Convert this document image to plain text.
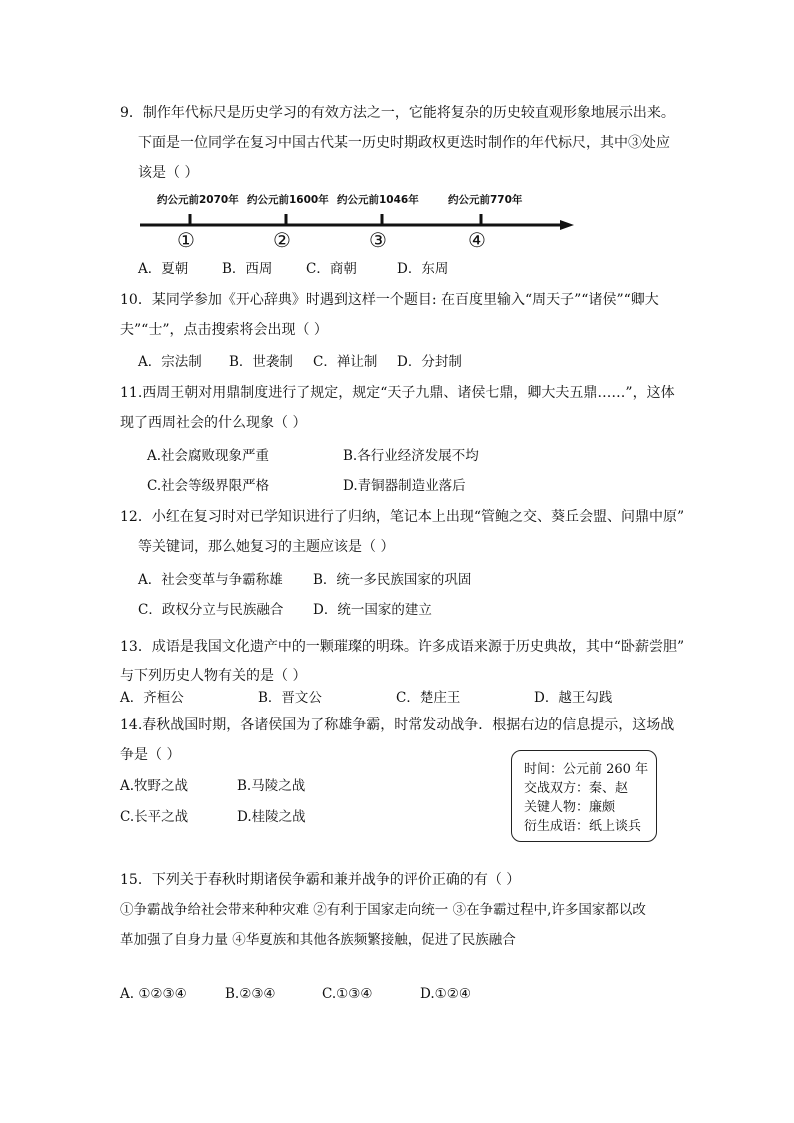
9．制作年代标尺是历史学习的有效方法之一，它能将复杂的历史较直观形象地展示出来。
下面是一位同学在复习中国古代某一历史时期政权更迭时制作的年代标尺，其中③处应
该是（ ）
约公元前2070年 约公元前1600年 约公元前1046年	约公元前770年
①	②	③	④
A．夏朝	B．西周 C．商朝	D．东周
10．某同学参加《开心辞典》时遇到这样一个题目: 在百度里输入“周天子”“诸侯”“卿大
夫”“士”，点击搜索将会出现（ ）
A．宗法制 B．世袭制 C．禅让制 D．分封制
11.西周王朝对用鼎制度进行了规定，规定“天子九鼎、诸侯七鼎，卿大夫五鼎……”，这体
现了西周社会的什么现象（ ）
A.社会腐败现象严重	B.各行业经济发展不均
C.社会等级界限严格	D.青铜器制造业落后
12．小红在复习时对已学知识进行了归纳，笔记本上出现“管鲍之交、葵丘会盟、问鼎中原”
等关键词，那么她复习的主题应该是（ ）
A．社会变革与争霸称雄 B．统一多民族国家的巩固
C．政权分立与民族融合 D．统一国家的建立
13．成语是我国文化遗产中的一颗璀璨的明珠。许多成语来源于历史典故，其中“卧薪尝胆”
与下列历史人物有关的是（ ）
A．齐桓公	B．晋文公	C．楚庄王	D．越王勾践
14.春秋战国时期，各诸侯国为了称雄争霸，时常发动战争．根据右边的信息提示，这场战
争是（ ）
A.牧野之战	B.马陵之战
C.长平之战	D.桂陵之战
时间：公元前 260 年
交战双方：秦、赵
关键人物：廉颇
衍生成语：纸上谈兵
15．下列关于春秋时期诸侯争霸和兼并战争的评价正确的有（ ）
①争霸战争给社会带来种种灾难 ②有利于国家走向统一 ③在争霸过程中,许多国家都以改
革加强了自身力量 ④华夏族和其他各族频繁接触，促进了民族融合
A. ①②③④	B.②③④	C.①③④	D.①②④
